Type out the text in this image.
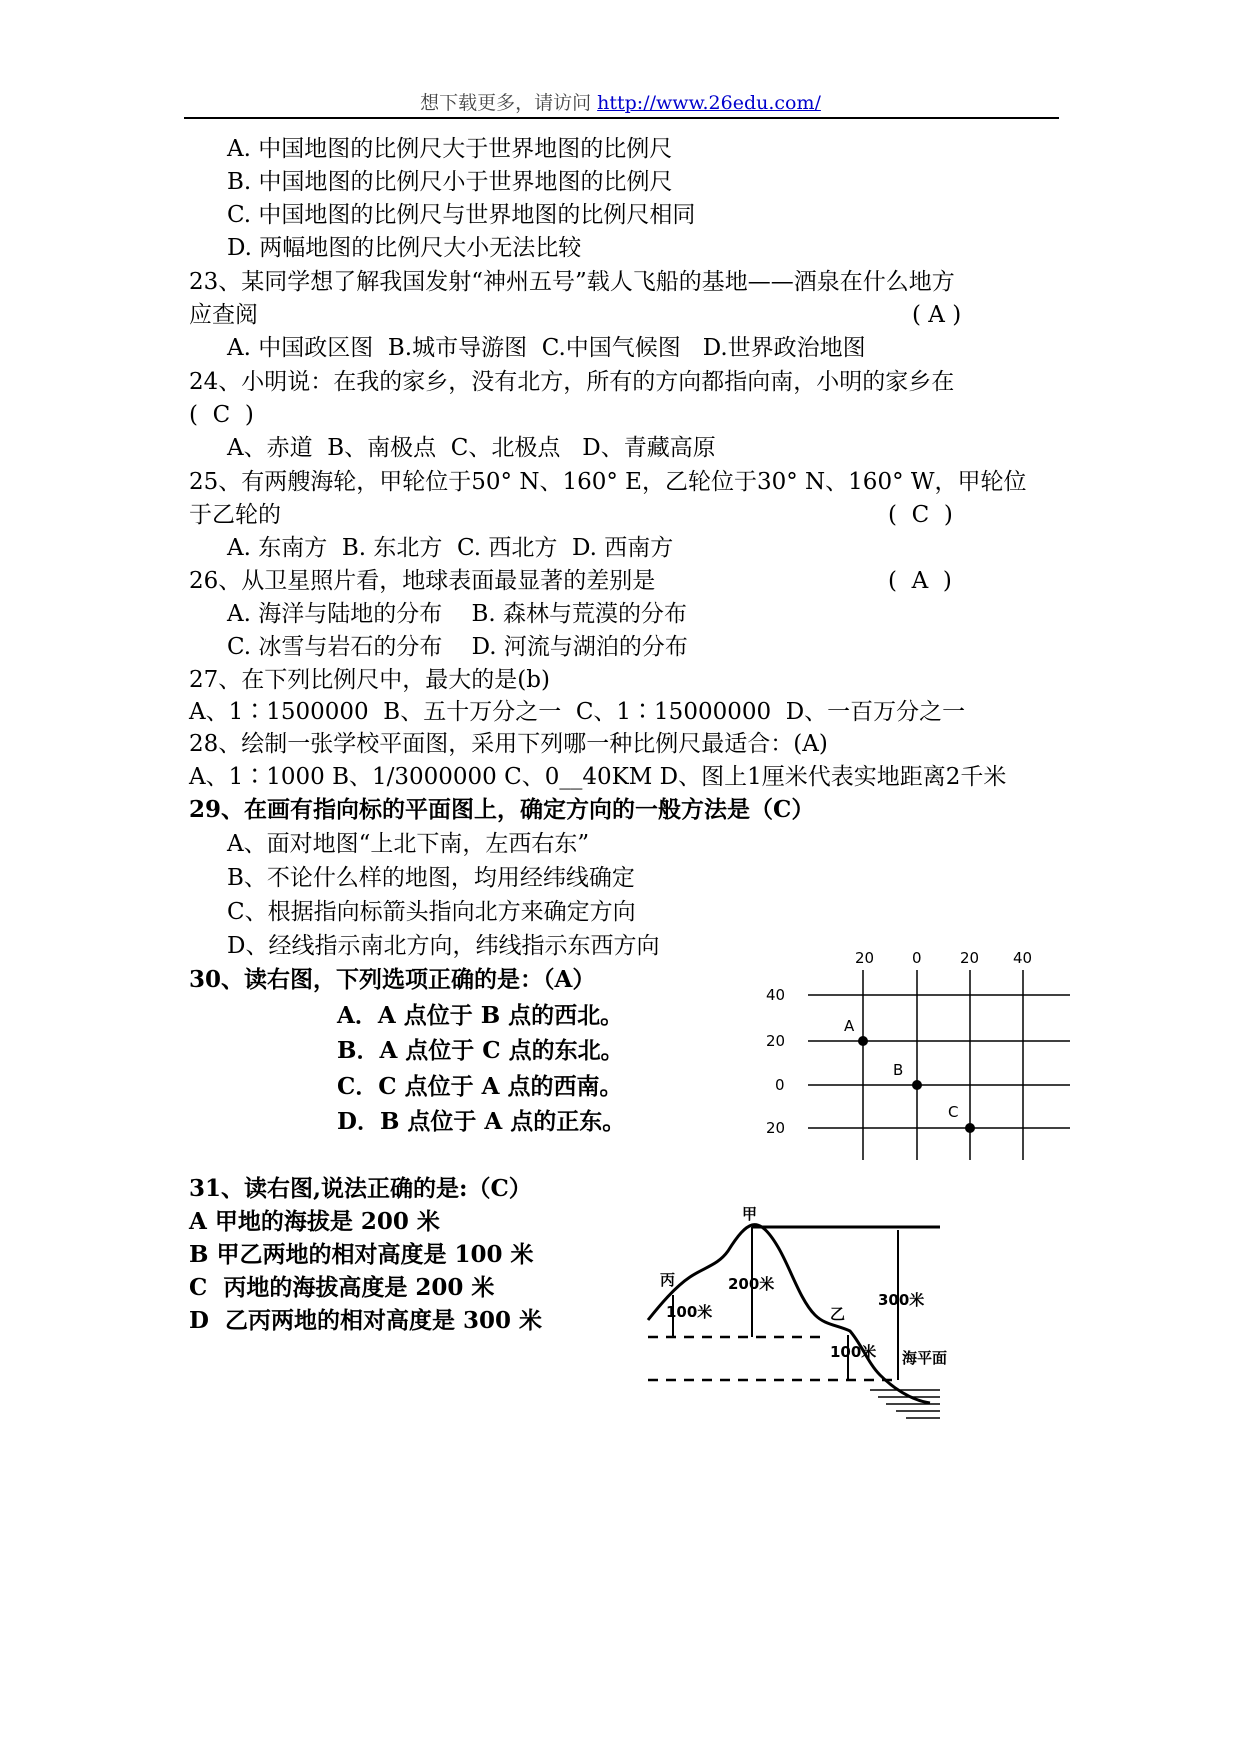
想下载更多，请访问 http://www.26edu.com/
A. 中国地图的比例尺大于世界地图的比例尺
B. 中国地图的比例尺小于世界地图的比例尺
C. 中国地图的比例尺与世界地图的比例尺相同
D. 两幅地图的比例尺大小无法比较
23、某同学想了解我国发射“神州五号”载人飞船的基地——酒泉在什么地方
应查阅	( A )
A. 中国政区图  B.城市导游图  C.中国气候图   D.世界政治地图
24、小明说：在我的家乡，没有北方，所有的方向都指向南，小明的家乡在
(  C  )
A、赤道  B、南极点  C、北极点   D、青藏高原
25、有两艘海轮，甲轮位于50° N、160° E，乙轮位于30° N、160° W，甲轮位
于乙轮的	(  C  )
A. 东南方  B. 东北方  C. 西北方  D. 西南方
26、从卫星照片看，地球表面最显著的差别是	(  A  )
A. 海洋与陆地的分布    B. 森林与荒漠的分布
C. 冰雪与岩石的分布    D. 河流与湖泊的分布
27、在下列比例尺中，最大的是(b)
A、1∶1500000  B、五十万分之一  C、1∶15000000  D、一百万分之一
28、绘制一张学校平面图，采用下列哪一种比例尺最适合：(A)
A、1∶1000 B、1/3000000 C、0__40KM D、图上1厘米代表实地距离2千米
29、在画有指向标的平面图上，确定方向的一般方法是（C）
A、面对地图“上北下南，左西右东”
B、不论什么样的地图，均用经纬线确定
C、根据指向标箭头指向北方来确定方向
D、经线指示南北方向，纬线指示东西方向
30、读右图，下列选项正确的是：（A）
A．A 点位于 B 点的西北。
B．A 点位于 C 点的东北。
C．C 点位于 A 点的西南。
D．B 点位于 A 点的正东。
31、读右图,说法正确的是:（C）
A 甲地的海拔是 200 米
B 甲乙两地的相对高度是 100 米
C  丙地的海拔高度是 200 米
D  乙丙两地的相对高度是 300 米
20	0	20 40
40
20
0
20
A
B
C
甲
丙	200米
100米	乙
100米
300米
海平面
